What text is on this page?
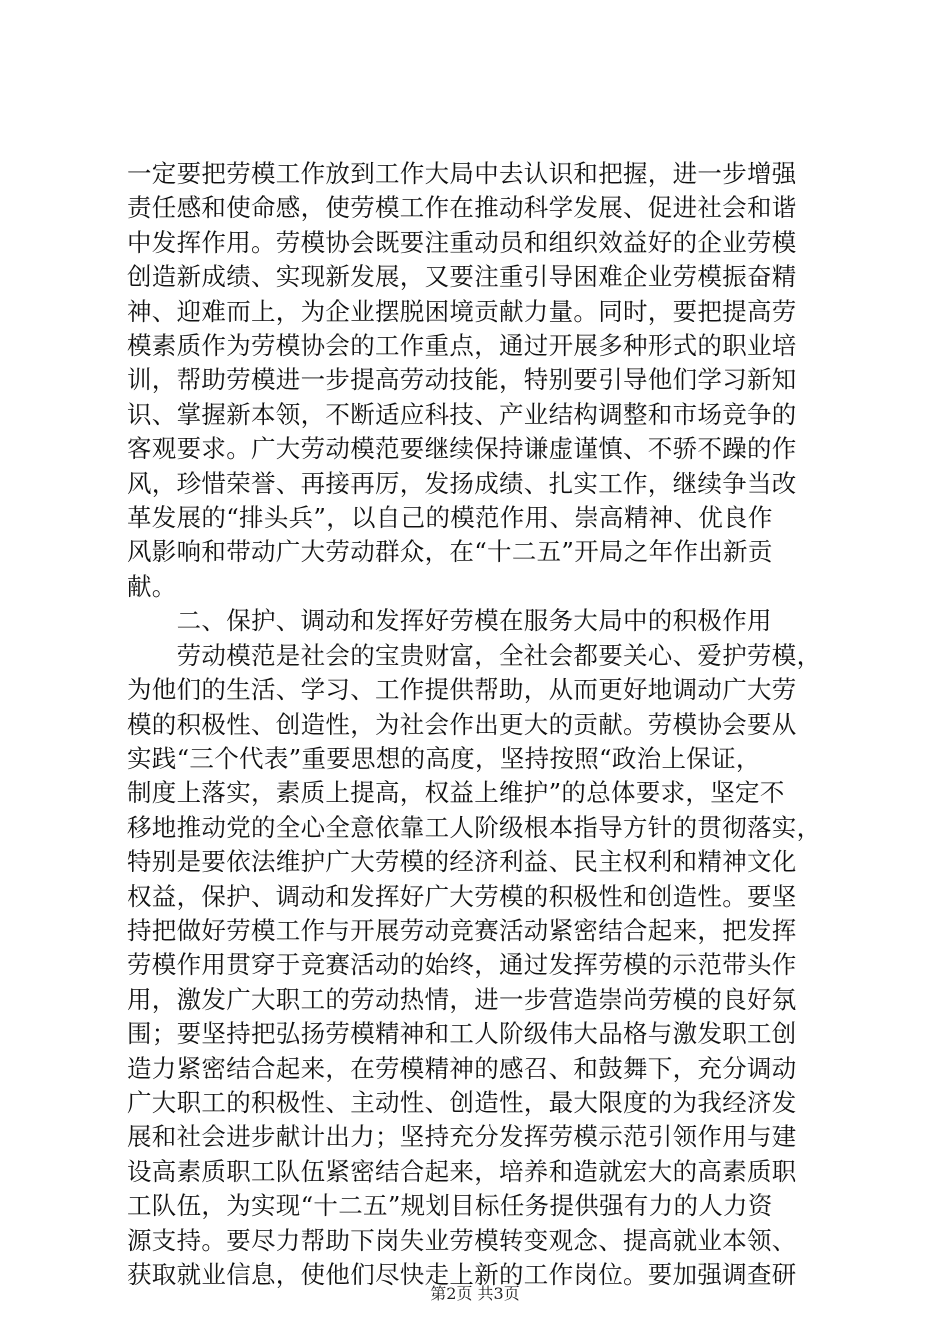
一定要把劳模工作放到工作大局中去认识和把握，进一步增强
责任感和使命感，使劳模工作在推动科学发展、促进社会和谐
中发挥作用。劳模协会既要注重动员和组织效益好的企业劳模
创造新成绩、实现新发展，又要注重引导困难企业劳模振奋精
神、迎难而上，为企业摆脱困境贡献力量。同时，要把提高劳
模素质作为劳模协会的工作重点，通过开展多种形式的职业培
训，帮助劳模进一步提高劳动技能，特别要引导他们学习新知
识、掌握新本领，不断适应科技、产业结构调整和市场竞争的
客观要求。广大劳动模范要继续保持谦虚谨慎、不骄不躁的作
风，珍惜荣誉、再接再厉，发扬成绩、扎实工作，继续争当改
革发展的“排头兵”，以自己的模范作用、崇高精神、优良作
风影响和带动广大劳动群众，在“十二五”开局之年作出新贡
献。
　　二、保护、调动和发挥好劳模在服务大局中的积极作用
　　劳动模范是社会的宝贵财富，全社会都要关心、爱护劳模，
为他们的生活、学习、工作提供帮助，从而更好地调动广大劳
模的积极性、创造性，为社会作出更大的贡献。劳模协会要从
实践“三个代表”重要思想的高度，坚持按照“政治上保证，
制度上落实，素质上提高，权益上维护”的总体要求，坚定不
移地推动党的全心全意依靠工人阶级根本指导方针的贯彻落实，
特别是要依法维护广大劳模的经济利益、民主权利和精神文化
权益，保护、调动和发挥好广大劳模的积极性和创造性。要坚
持把做好劳模工作与开展劳动竞赛活动紧密结合起来，把发挥
劳模作用贯穿于竞赛活动的始终，通过发挥劳模的示范带头作
用，激发广大职工的劳动热情，进一步营造崇尚劳模的良好氛
围；要坚持把弘扬劳模精神和工人阶级伟大品格与激发职工创
造力紧密结合起来，在劳模精神的感召、和鼓舞下，充分调动
广大职工的积极性、主动性、创造性，最大限度的为我经济发
展和社会进步献计出力；坚持充分发挥劳模示范引领作用与建
设高素质职工队伍紧密结合起来，培养和造就宏大的高素质职
工队伍，为实现“十二五”规划目标任务提供强有力的人力资
源支持。要尽力帮助下岗失业劳模转变观念、提高就业本领、
获取就业信息，使他们尽快走上新的工作岗位。要加强调查研
第2页 共3页
